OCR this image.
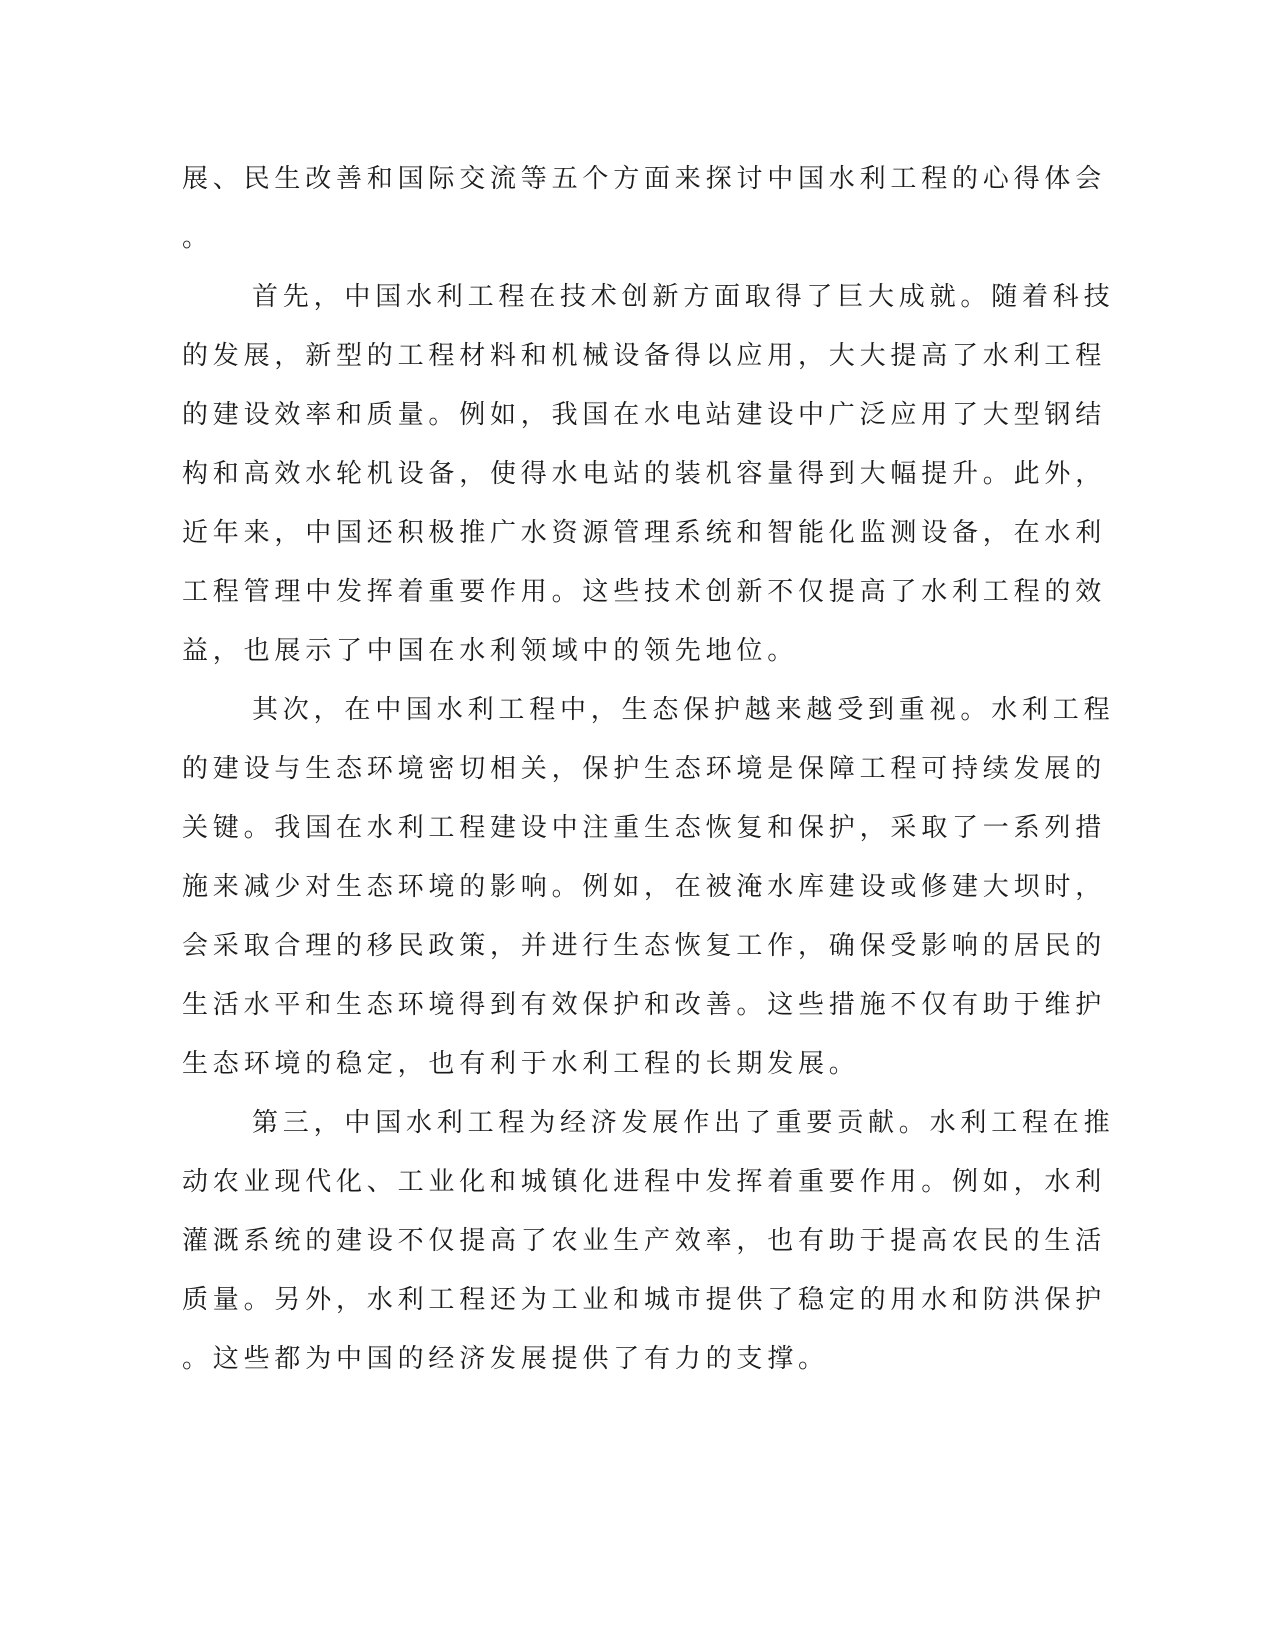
展、民生改善和国际交流等五个方面来探讨中国水利工程的心得体会
。
首先，中国水利工程在技术创新方面取得了巨大成就。随着科技
的发展，新型的工程材料和机械设备得以应用，大大提高了水利工程
的建设效率和质量。例如，我国在水电站建设中广泛应用了大型钢结
构和高效水轮机设备，使得水电站的装机容量得到大幅提升。此外，
近年来，中国还积极推广水资源管理系统和智能化监测设备，在水利
工程管理中发挥着重要作用。这些技术创新不仅提高了水利工程的效
益，也展示了中国在水利领域中的领先地位。
其次，在中国水利工程中，生态保护越来越受到重视。水利工程
的建设与生态环境密切相关，保护生态环境是保障工程可持续发展的
关键。我国在水利工程建设中注重生态恢复和保护，采取了一系列措
施来减少对生态环境的影响。例如，在被淹水库建设或修建大坝时，
会采取合理的移民政策，并进行生态恢复工作，确保受影响的居民的
生活水平和生态环境得到有效保护和改善。这些措施不仅有助于维护
生态环境的稳定，也有利于水利工程的长期发展。
第三，中国水利工程为经济发展作出了重要贡献。水利工程在推
动农业现代化、工业化和城镇化进程中发挥着重要作用。例如，水利
灌溉系统的建设不仅提高了农业生产效率，也有助于提高农民的生活
质量。另外，水利工程还为工业和城市提供了稳定的用水和防洪保护
。这些都为中国的经济发展提供了有力的支撑。
